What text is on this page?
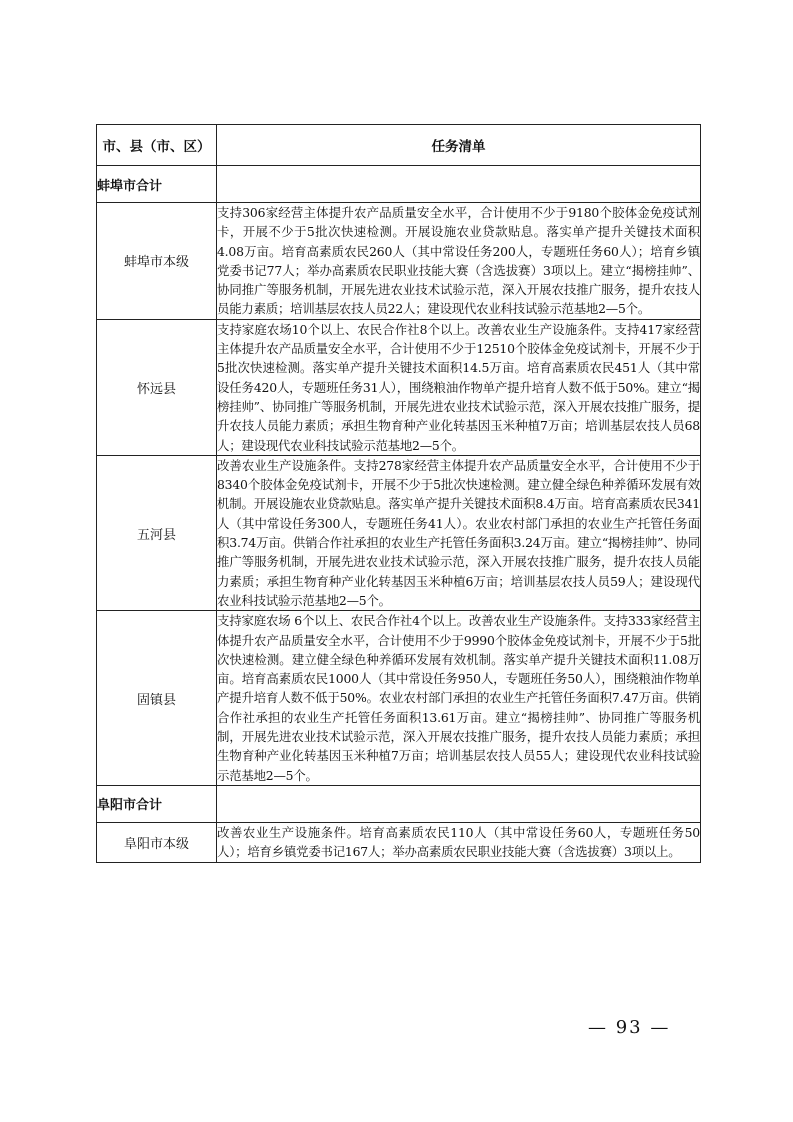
市、县（市、区）	任务清单
蚌埠市合计	
蚌埠市本级	支持306家经营主体提升农产品质量安全水平，合计使用不少于9180个胶体金免疫试剂卡，开展不少于5批次快速检测。开展设施农业贷款贴息。落实单产提升关键技术面积4.08万亩。培育高素质农民260人（其中常设任务200人，专题班任务60人）；培育乡镇党委书记77人；举办高素质农民职业技能大赛（含选拔赛）3项以上。建立“揭榜挂帅”、协同推广等服务机制，开展先进农业技术试验示范，深入开展农技推广服务，提升农技人员能力素质；培训基层农技人员22人；建设现代农业科技试验示范基地2—5个。
怀远县	支持家庭农场10个以上、农民合作社8个以上。改善农业生产设施条件。支持417家经营主体提升农产品质量安全水平，合计使用不少于12510个胶体金免疫试剂卡，开展不少于5批次快速检测。落实单产提升关键技术面积14.5万亩。培育高素质农民451人（其中常设任务420人，专题班任务31人），围绕粮油作物单产提升培育人数不低于50%。建立“揭榜挂帅”、协同推广等服务机制，开展先进农业技术试验示范，深入开展农技推广服务，提升农技人员能力素质；承担生物育种产业化转基因玉米种植7万亩；培训基层农技人员68人；建设现代农业科技试验示范基地2—5个。
五河县	改善农业生产设施条件。支持278家经营主体提升农产品质量安全水平，合计使用不少于8340个胶体金免疫试剂卡，开展不少于5批次快速检测。建立健全绿色种养循环发展有效机制。开展设施农业贷款贴息。落实单产提升关键技术面积8.4万亩。培育高素质农民341人（其中常设任务300人，专题班任务41人）。农业农村部门承担的农业生产托管任务面积3.74万亩。供销合作社承担的农业生产托管任务面积3.24万亩。建立“揭榜挂帅”、协同推广等服务机制，开展先进农业技术试验示范，深入开展农技推广服务，提升农技人员能力素质；承担生物育种产业化转基因玉米种植6万亩；培训基层农技人员59人；建设现代农业科技试验示范基地2—5个。
固镇县	支持家庭农场 6个以上、农民合作社4个以上。改善农业生产设施条件。支持333家经营主体提升农产品质量安全水平，合计使用不少于9990个胶体金免疫试剂卡，开展不少于5批次快速检测。建立健全绿色种养循环发展有效机制。落实单产提升关键技术面积11.08万亩。培育高素质农民1000人（其中常设任务950人，专题班任务50人），围绕粮油作物单产提升培育人数不低于50%。农业农村部门承担的农业生产托管任务面积7.47万亩。供销合作社承担的农业生产托管任务面积13.61万亩。建立“揭榜挂帅”、协同推广等服务机制，开展先进农业技术试验示范，深入开展农技推广服务，提升农技人员能力素质；承担生物育种产业化转基因玉米种植7万亩；培训基层农技人员55人；建设现代农业科技试验示范基地2—5个。
阜阳市合计	
阜阳市本级	改善农业生产设施条件。培育高素质农民110人（其中常设任务60人，专题班任务50人）；培育乡镇党委书记167人；举办高素质农民职业技能大赛（含选拔赛）3项以上。
— 93 —
